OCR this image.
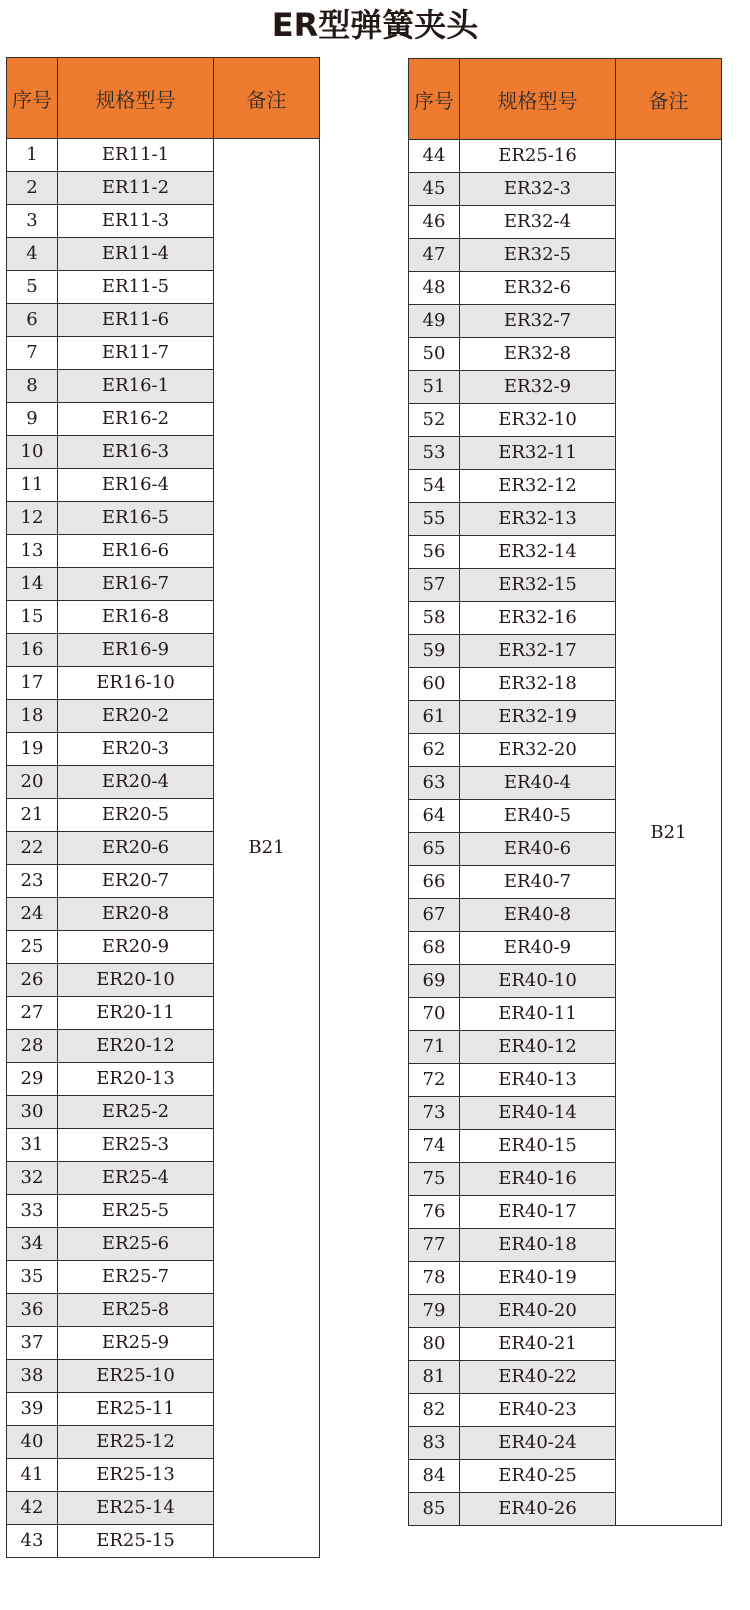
ER型弹簧夹头
序号	规格型号	备注
1	ER11-1	B21
2	ER11-2	
3	ER11-3	
4	ER11-4	
5	ER11-5	
6	ER11-6	
7	ER11-7	
8	ER16-1	
9	ER16-2	
10	ER16-3	
11	ER16-4	
12	ER16-5	
13	ER16-6	
14	ER16-7	
15	ER16-8	
16	ER16-9	
17	ER16-10	
18	ER20-2	
19	ER20-3	
20	ER20-4	
21	ER20-5	
22	ER20-6	
23	ER20-7	
24	ER20-8	
25	ER20-9	
26	ER20-10	
27	ER20-11	
28	ER20-12	
29	ER20-13	
30	ER25-2	
31	ER25-3	
32	ER25-4	
33	ER25-5	
34	ER25-6	
35	ER25-7	
36	ER25-8	
37	ER25-9	
38	ER25-10	
39	ER25-11	
40	ER25-12	
41	ER25-13	
42	ER25-14	
43	ER25-15	
序号	规格型号	备注
44	ER25-16	B21
45	ER32-3	
46	ER32-4	
47	ER32-5	
48	ER32-6	
49	ER32-7	
50	ER32-8	
51	ER32-9	
52	ER32-10	
53	ER32-11	
54	ER32-12	
55	ER32-13	
56	ER32-14	
57	ER32-15	
58	ER32-16	
59	ER32-17	
60	ER32-18	
61	ER32-19	
62	ER32-20	
63	ER40-4	
64	ER40-5	
65	ER40-6	
66	ER40-7	
67	ER40-8	
68	ER40-9	
69	ER40-10	
70	ER40-11	
71	ER40-12	
72	ER40-13	
73	ER40-14	
74	ER40-15	
75	ER40-16	
76	ER40-17	
77	ER40-18	
78	ER40-19	
79	ER40-20	
80	ER40-21	
81	ER40-22	
82	ER40-23	
83	ER40-24	
84	ER40-25	
85	ER40-26	
